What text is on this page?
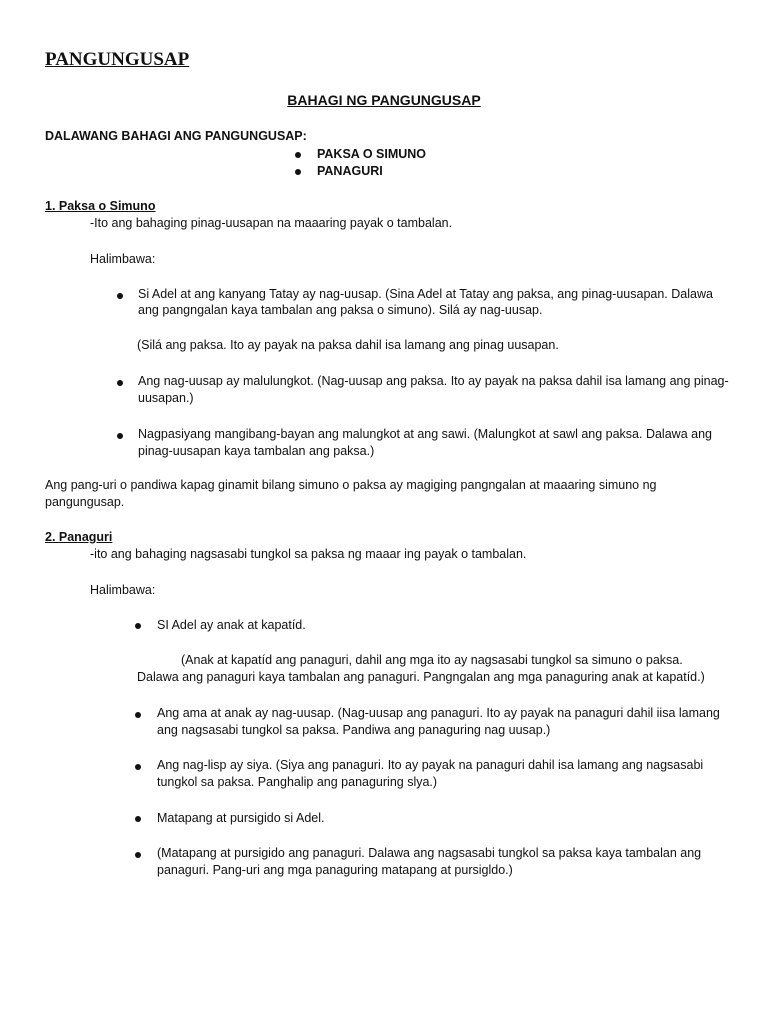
PANGUNGUSAP
BAHAGI NG PANGUNGUSAP

DALAWANG BAHAGI ANG PANGUNGUSAP:

PAKSA O SIMUNO

PANAGURI

1. Paksa o Simuno

-Ito ang bahaging pinag-uusapan na maaaring payak o tambalan.

Halimbawa:

Si Adel at ang kanyang Tatay ay nag-uusap. (Sina Adel at Tatay ang paksa, ang pinag-uusapan. Dalawa

ang pangngalan kaya tambalan ang paksa o simuno). Silá ay nag-uusap.

(Silá ang paksa. Ito ay payak na paksa dahil isa lamang ang pinag uusapan.

Ang nag-uusap ay malulungkot. (Nag-uusap ang paksa. Ito ay payak na paksa dahil isa lamang ang pinag-

uusapan.)

Nagpasiyang mangibang-bayan ang malungkot at ang sawi. (Malungkot at sawl ang paksa. Dalawa ang

pinag-uusapan kaya tambalan ang paksa.)

Ang pang-uri o pandiwa kapag ginamit bilang simuno o paksa ay magiging pangngalan at maaaring simuno ng

pangungusap.

2. Panaguri

-ito ang bahaging nagsasabi tungkol sa paksa ng maaar ing payak o tambalan.

Halimbawa:

SI Adel ay anak at kapatíd.

(Anak at kapatíd ang panaguri, dahil ang mga ito ay nagsasabi tungkol sa simuno o paksa.

Dalawa ang panaguri kaya tambalan ang panaguri. Pangngalan ang mga panaguring anak at kapatíd.)

Ang ama at anak ay nag-uusap. (Nag-uusap ang panaguri. Ito ay payak na panaguri dahil iisa lamang

ang nagsasabi tungkol sa paksa. Pandiwa ang panaguring nag uusap.)

Ang nag-lisp ay siya. (Siya ang panaguri. Ito ay payak na panaguri dahil isa lamang ang nagsasabi

tungkol sa paksa. Panghalip ang panaguring slya.)

Matapang at pursigido si Adel.

(Matapang at pursigido ang panaguri. Dalawa ang nagsasabi tungkol sa paksa kaya tambalan ang

panaguri. Pang-uri ang mga panaguring matapang at pursigldo.)
